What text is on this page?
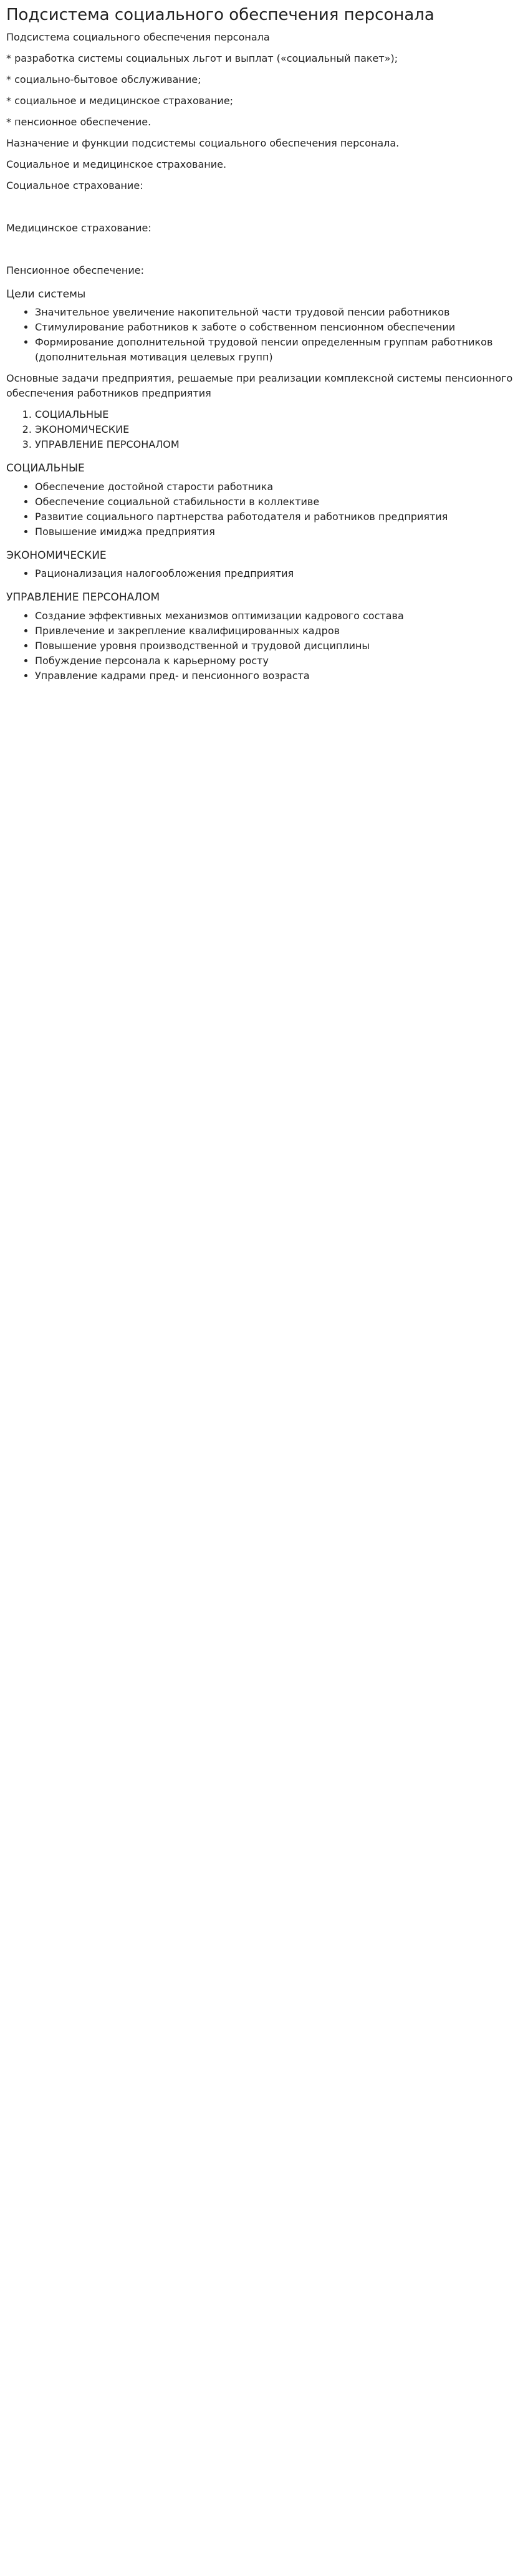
Подсистема социального обеспечения персонала

Подсистема социального обеспечения персонала

* разработка системы социальных льгот и выплат («социальный пакет»);

* социально-бытовое обслуживание;

* социальное и медицинское страхование;

* пенсионное обеспечение.

Назначение и функции подсистемы социального обеспечения персонала.

Социальное и медицинское страхование.

Социальное страхование:

Медицинское страхование:

Пенсионное обеспечение:

Цели системы
• Значительное увеличение накопительной части трудовой пенсии работников
• Стимулирование работников к заботе о собственном пенсионном обеспечении
• Формирование дополнительной трудовой пенсии определенным группам работников (дополнительная мотивация целевых групп)

Основные задачи предприятия, решаемые при реализации комплексной системы пенсионного обеспечения работников предприятия

1. СОЦИАЛЬНЫЕ
2. ЭКОНОМИЧЕСКИЕ
3. УПРАВЛЕНИЕ ПЕРСОНАЛОМ
СОЦИАЛЬНЫЕ
• Обеспечение достойной старости работника
• Обеспечение социальной стабильности в коллективе
• Развитие социального партнерства работодателя и работников предприятия
• Повышение имиджа предприятия
ЭКОНОМИЧЕСКИЕ
• Рационализация налогообложения предприятия
УПРАВЛЕНИЕ ПЕРСОНАЛОМ
• Создание эффективных механизмов оптимизации кадрового состава
• Привлечение и закрепление квалифицированных кадров
• Повышение уровня производственной и трудовой дисциплины
• Побуждение персонала к карьерному росту
• Управление кадрами пред- и пенсионного возраста
